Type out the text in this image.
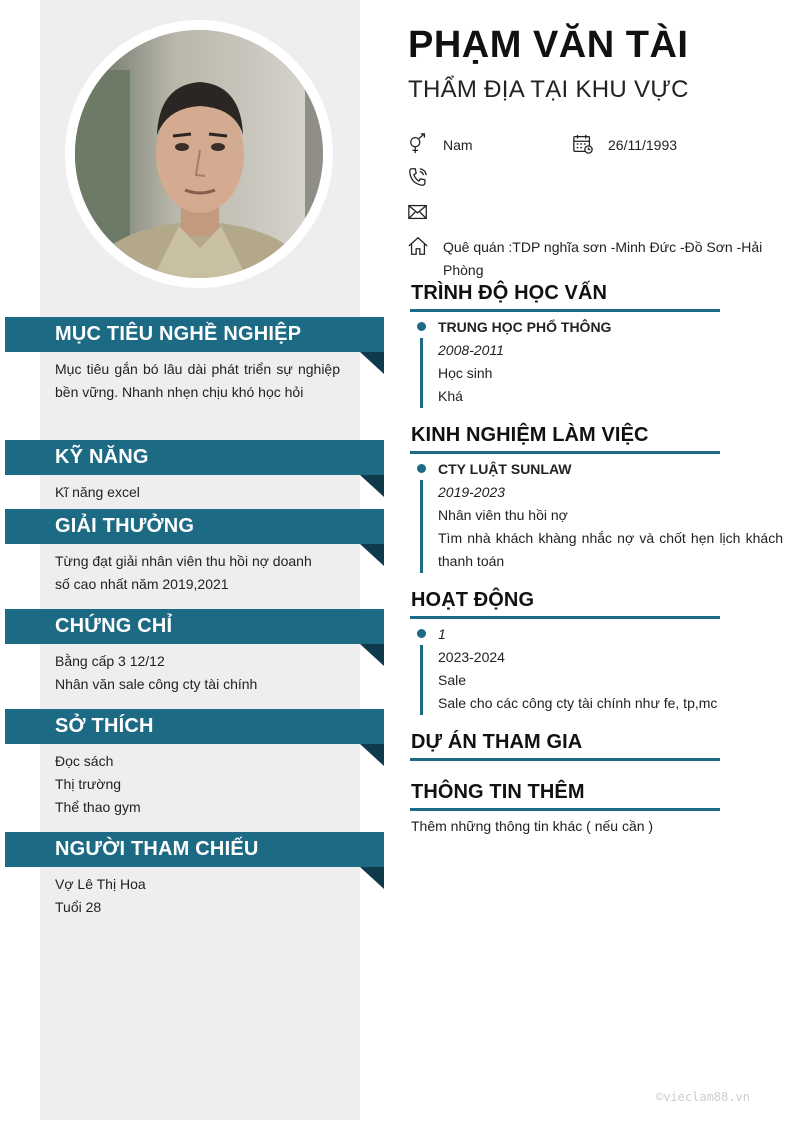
MỤC TIÊU NGHỀ NGHIỆP
Mục tiêu gắn bó lâu dài phát triển sự nghiệp bền vững. Nhanh nhẹn chịu khó học hỏi
KỸ NĂNG
Kĩ năng excel
GIẢI THƯỞNG
Từng đạt giải nhân viên thu hồi nợ doanh số cao nhất năm 2019,2021
CHỨNG CHỈ
Bằng cấp 3 12/12
Nhân văn sale công cty tài chính
SỞ THÍCH
Đọc sách
Thị trường
Thể thao gym
NGƯỜI THAM CHIẾU
Vợ Lê Thị Hoa
Tuổi 28
PHẠM VĂN TÀI
THẨM ĐỊA TẠI KHU VỰC
Nam	26/11/1993
Quê quán :TDP nghĩa sơn -Minh Đức -Đồ Sơn -Hải Phòng
TRÌNH ĐỘ HỌC VẤN
TRUNG HỌC PHỔ THÔNG
2008-2011
Học sinh
Khá
KINH NGHIỆM LÀM VIỆC
CTY LUẬT SUNLAW
2019-2023
Nhân viên thu hồi nợ
Tìm nhà khách khàng nhắc nợ và chốt hẹn lịch khách thanh toán
HOẠT ĐỘNG
1
2023-2024
Sale
Sale cho các công cty tài chính như fe, tp,mc
DỰ ÁN THAM GIA
THÔNG TIN THÊM
Thêm những thông tin khác ( nếu cần )
©vieclam88.vn
